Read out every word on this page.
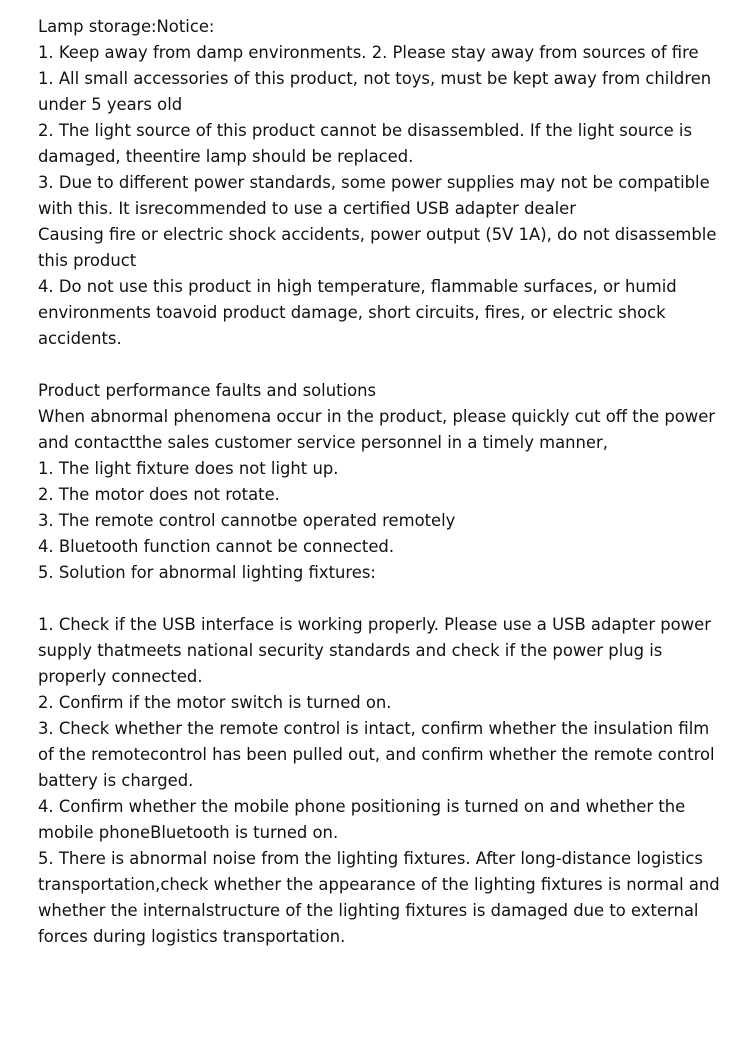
Lamp storage:Notice:

1. Keep away from damp environments. 2. Please stay away from sources of fire

1. All small accessories of this product, not toys, must be kept away from children under 5 years old

2. The light source of this product cannot be disassembled. If the light source is damaged, theentire lamp should be replaced.

3. Due to different power standards, some power supplies may not be compatible with this. It isrecommended to use a certified USB adapter dealer

Causing fire or electric shock accidents, power output (5V 1A), do not disassemble this product

4. Do not use this product in high temperature, flammable surfaces, or humid environments toavoid product damage, short circuits, fires, or electric shock accidents.

Product performance faults and solutions

When abnormal phenomena occur in the product, please quickly cut off the power and contactthe sales customer service personnel in a timely manner,

1. The light fixture does not light up.

2. The motor does not rotate.

3. The remote control cannotbe operated remotely

4. Bluetooth function cannot be connected.

5. Solution for abnormal lighting fixtures:

1. Check if the USB interface is working properly. Please use a USB adapter power supply thatmeets national security standards and check if the power plug is properly connected.

2. Confirm if the motor switch is turned on.

3. Check whether the remote control is intact, confirm whether the insulation film of the remotecontrol has been pulled out, and confirm whether the remote control battery is charged.

4. Confirm whether the mobile phone positioning is turned on and whether the mobile phoneBluetooth is turned on.

5. There is abnormal noise from the lighting fixtures. After long-distance logistics transportation,check whether the appearance of the lighting fixtures is normal and whether the internalstructure of the lighting fixtures is damaged due to external forces during logistics transportation.
